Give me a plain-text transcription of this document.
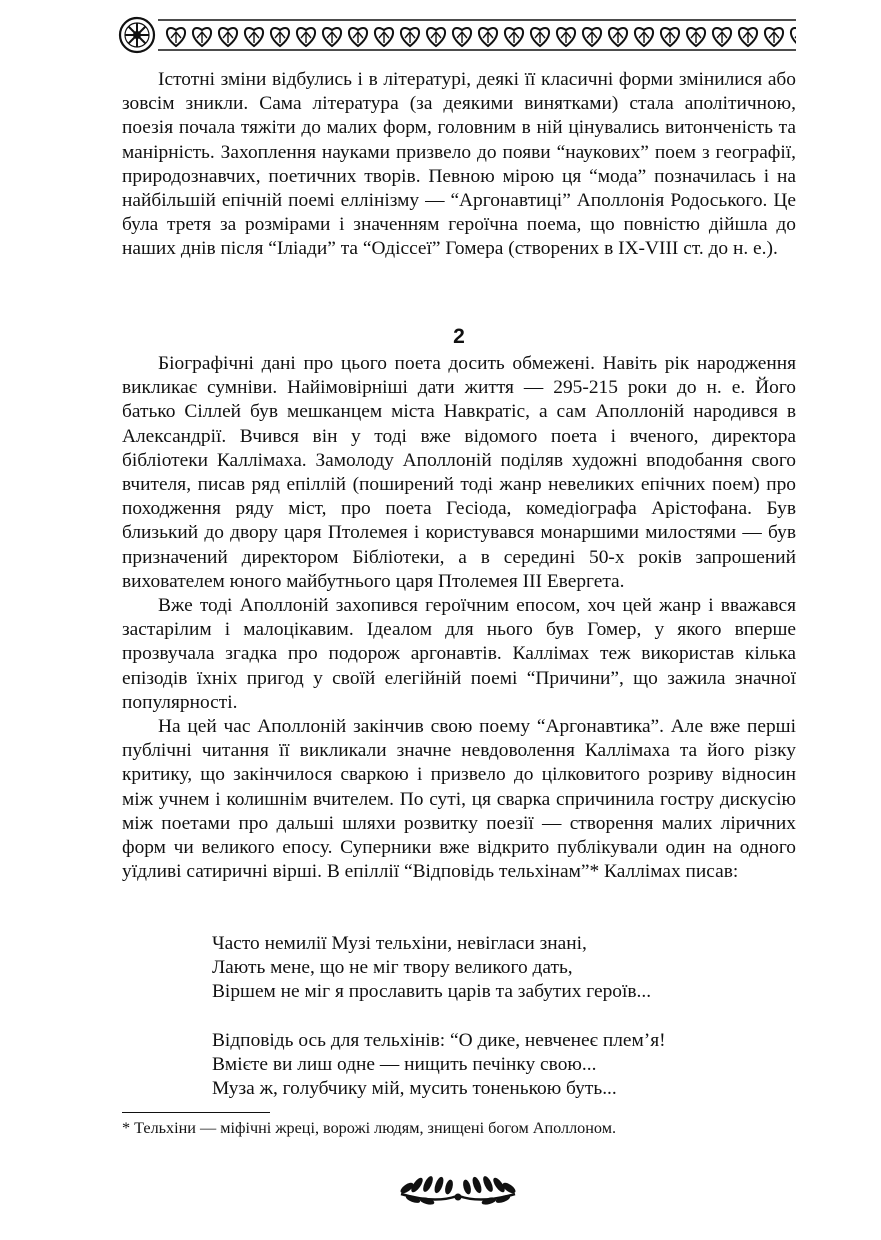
Істотні зміни відбулись і в літературі, деякі її класичні форми змінилися або зовсім зникли. Сама література (за деякими винятками) стала аполітичною, поезія почала тяжіти до малих форм, головним в ній цінувались витонченість та манірність. Захоплення науками призвело до появи “наукових” поем з географії, природознавчих, поетичних творів. Певною мірою ця “мода” позначилась і на найбільшій епічній поемі еллінізму — “Аргонавтиці” Аполлонія Родоського. Це була третя за розмірами і значенням героїчна поема, що повністю дійшла до наших днів після “Іліади” та “Одіссеї” Гомера (створених в IX-VIII ст. до н. е.).

2

Біографічні дані про цього поета досить обмежені. Навіть рік народження викликає сумніви. Найімовірніші дати життя — 295-215 роки до н. е. Його батько Сіллей був мешканцем міста Навкратіс, а сам Аполлоній народився в Александрії. Вчився він у тоді вже відомого поета і вченого, директора бібліотеки Каллімаха. Замолоду Аполлоній поділяв художні вподобання свого вчителя, писав ряд епіллій (поширений тоді жанр невеликих епічних поем) про походження ряду міст, про поета Гесіода, комедіографа Арістофана. Був близький до двору царя Птолемея і користувався монаршими милостями — був призначений директором Бібліотеки, а в середині 50-х років запрошений вихователем юного майбутнього царя Птолемея III Евергета.

Вже тоді Аполлоній захопився героїчним епосом, хоч цей жанр і вважався застарілим і малоцікавим. Ідеалом для нього був Гомер, у якого вперше прозвучала згадка про подорож аргонавтів. Каллімах теж використав кілька епізодів їхніх пригод у своїй елегійній поемі “Причини”, що зажила значної популярності.

На цей час Аполлоній закінчив свою поему “Аргонавтика”. Але вже перші публічні читання її викликали значне невдоволення Каллімаха та його різку критику, що закінчилося сваркою і призвело до цілковитого розриву відносин між учнем і колишнім вчителем. По суті, ця сварка спричинила гостру дискусію між поетами про дальші шляхи розвитку поезії — створення малих ліричних форм чи великого епосу. Суперники вже відкрито публікували один на одного уїдливі сатиричні вірші. В епіллії “Відповідь тельхінам”* Каллімах писав:

Часто немилії Музі тельхіни, невігласи знані,
Лають мене, що не міг твору великого дать,
Віршем не міг я прославить царів та забутих героїв...
Відповідь ось для тельхінів: “О дике, невченеє плем’я!
Вмієте ви лиш одне — нищить печінку свою...
Муза ж, голубчику мій, мусить тоненькою буть...
* Тельхіни — міфічні жреці, ворожі людям, знищені богом Аполлоном.
